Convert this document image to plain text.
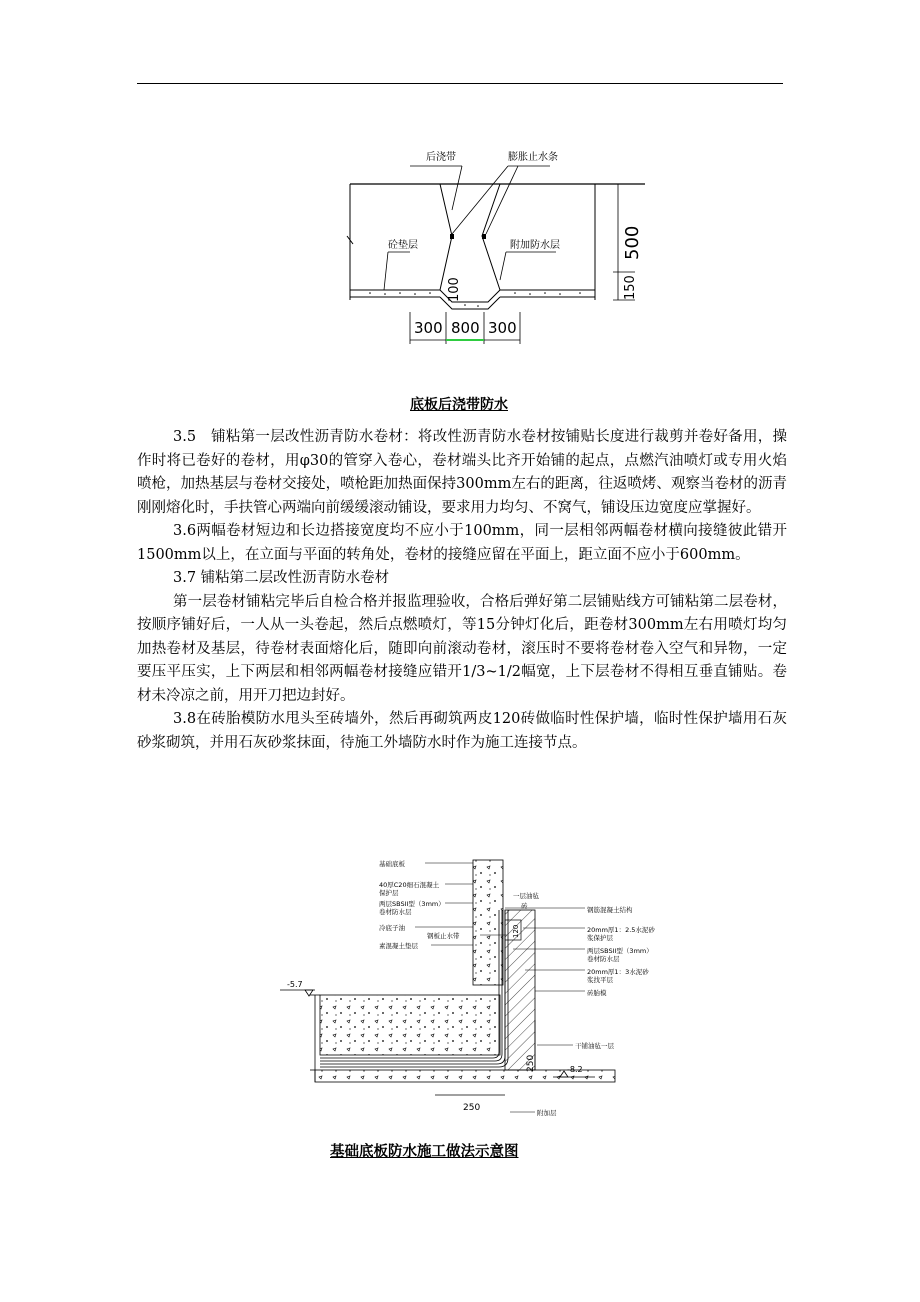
后浇带	膨胀止水条
砼垫层	附加防水层	500
150
100
300 800 300
底板后浇带防水

3.5　铺粘第一层改性沥青防水卷材：将改性沥青防水卷材按铺贴长度进行裁剪并卷好备用，操作时将已卷好的卷材，用φ30的管穿入卷心，卷材端头比齐开始铺的起点，点燃汽油喷灯或专用火焰喷枪，加热基层与卷材交接处，喷枪距加热面保持300mm左右的距离，往返喷烤、观察当卷材的沥青刚刚熔化时，手扶管心两端向前缓缓滚动铺设，要求用力均匀、不窝气，铺设压边宽度应掌握好。

3.6两幅卷材短边和长边搭接宽度均不应小于100mm，同一层相邻两幅卷材横向接缝彼此错开1500mm以上，在立面与平面的转角处，卷材的接缝应留在平面上，距立面不应小于600mm。

3.7 铺粘第二层改性沥青防水卷材

第一层卷材铺粘完毕后自检合格并报监理验收，合格后弹好第二层铺贴线方可铺粘第二层卷材，按顺序铺好后，一人从一头卷起，然后点燃喷灯，等15分钟灯化后，距卷材300mm左右用喷灯均匀加热卷材及基层，待卷材表面熔化后，随即向前滚动卷材，滚压时不要将卷材卷入空气和异物，一定要压平压实，上下两层和相邻两幅卷材接缝应错开1/3~1/2幅宽，上下层卷材不得相互垂直铺贴。卷材未冷凉之前，用开刀把边封好。

3.8在砖胎模防水甩头至砖墙外，然后再砌筑两皮120砖做临时性保护墙，临时性保护墙用石灰砂浆砌筑，并用石灰砂浆抹面，待施工外墙防水时作为施工连接节点。

-5.7
-8.2
250
250
120
基础底板
40厚C20细石混凝土
保护层
两层SBSII型（3mm）
卷材防水层
冷底子油
素混凝土垫层
钢板止水带
一层油毡
砖	钢筋混凝土结构
20mm厚1：2.5水泥砂
浆保护层
两层SBSII型（3mm）
卷材防水层
20mm厚1：3水泥砂
浆找平层
砖胎模
干铺油毡一层
附加层
基础底板防水施工做法示意图
